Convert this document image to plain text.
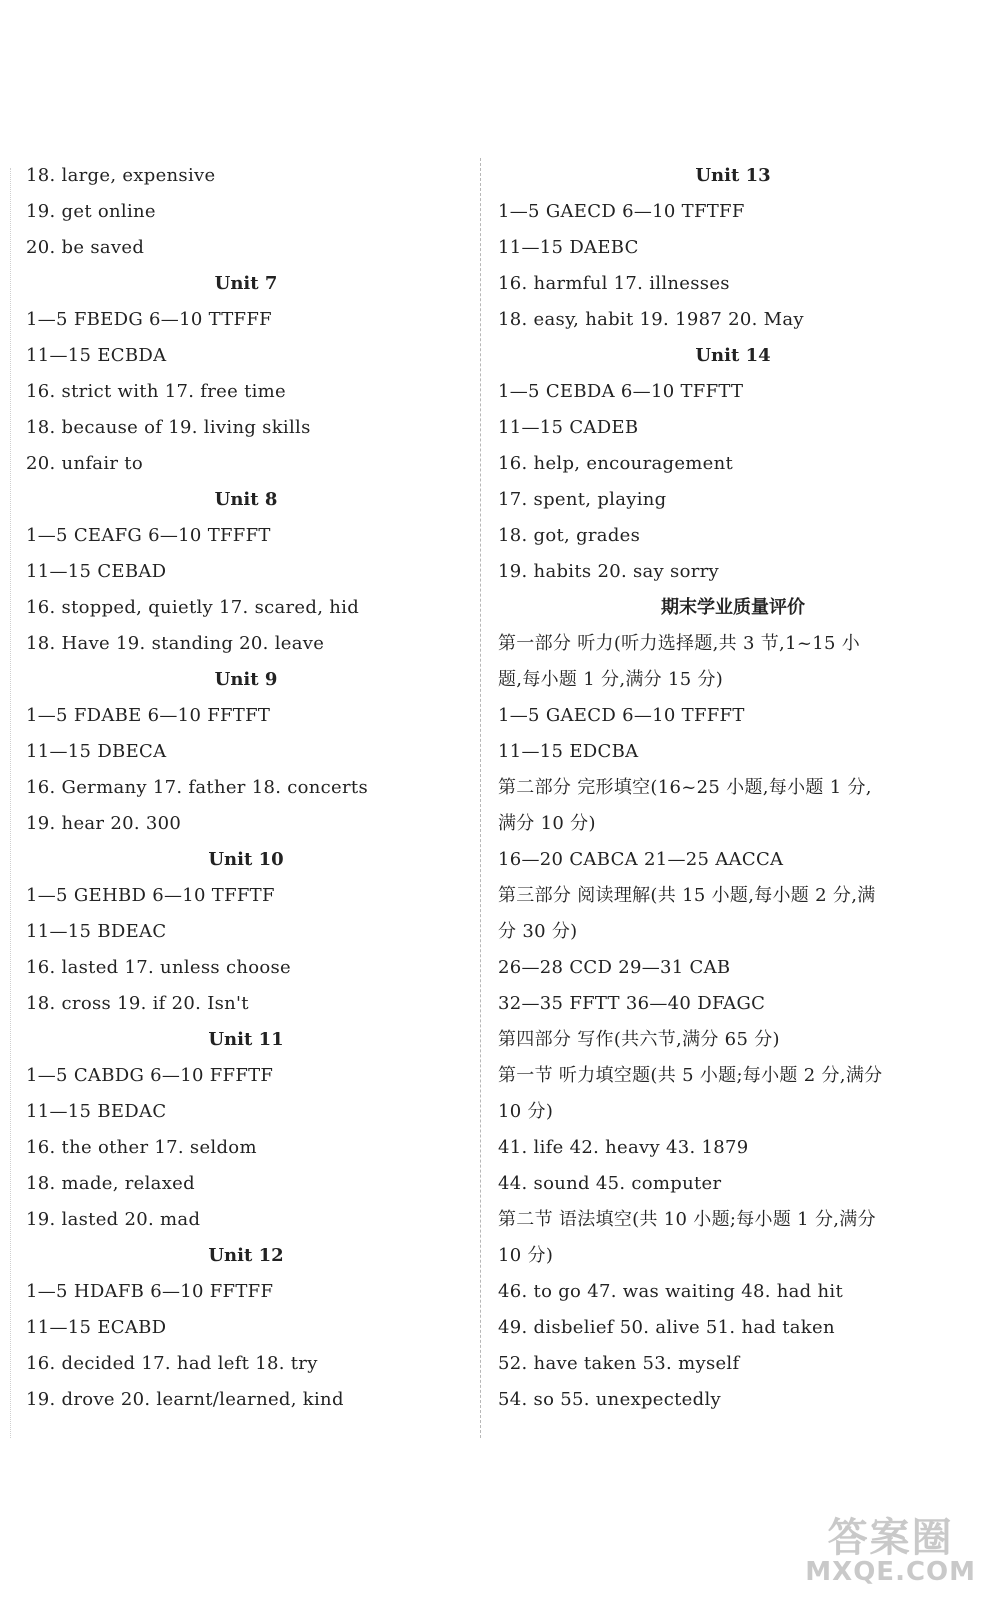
18. large, expensive
19. get online
20. be saved
Unit 7
1—5 FBEDG 6—10 TTFFF
11—15 ECBDA
16. strict with 17. free time
18. because of 19. living skills
20. unfair to
Unit 8
1—5 CEAFG 6—10 TFFFT
11—15 CEBAD
16. stopped, quietly 17. scared, hid
18. Have 19. standing 20. leave
Unit 9
1—5 FDABE 6—10 FFTFT
11—15 DBECA
16. Germany 17. father 18. concerts
19. hear 20. 300
Unit 10
1—5 GEHBD 6—10 TFFTF
11—15 BDEAC
16. lasted 17. unless choose
18. cross 19. if 20. Isn't
Unit 11
1—5 CABDG 6—10 FFFTF
11—15 BEDAC
16. the other 17. seldom
18. made, relaxed
19. lasted 20. mad
Unit 12
1—5 HDAFB 6—10 FFTFF
11—15 ECABD
16. decided 17. had left 18. try
19. drove 20. learnt/learned, kind
Unit 13
1—5 GAECD 6—10 TFTFF
11—15 DAEBC
16. harmful 17. illnesses
18. easy, habit 19. 1987 20. May
Unit 14
1—5 CEBDA 6—10 TFFTT
11—15 CADEB
16. help, encouragement
17. spent, playing
18. got, grades
19. habits 20. say sorry
期末学业质量评价
第一部分 听力(听力选择题,共 3 节,1~15 小
题,每小题 1 分,满分 15 分)
1—5 GAECD 6—10 TFFFT
11—15 EDCBA
第二部分 完形填空(16~25 小题,每小题 1 分,
满分 10 分)
16—20 CABCA 21—25 AACCA
第三部分 阅读理解(共 15 小题,每小题 2 分,满
分 30 分)
26—28 CCD 29—31 CAB
32—35 FFTT 36—40 DFAGC
第四部分 写作(共六节,满分 65 分)
第一节 听力填空题(共 5 小题;每小题 2 分,满分
10 分)
41. life 42. heavy 43. 1879
44. sound 45. computer
第二节 语法填空(共 10 小题;每小题 1 分,满分
10 分)
46. to go 47. was waiting 48. had hit
49. disbelief 50. alive 51. had taken
52. have taken 53. myself
54. so 55. unexpectedly
答案圈
MXQE.COM
